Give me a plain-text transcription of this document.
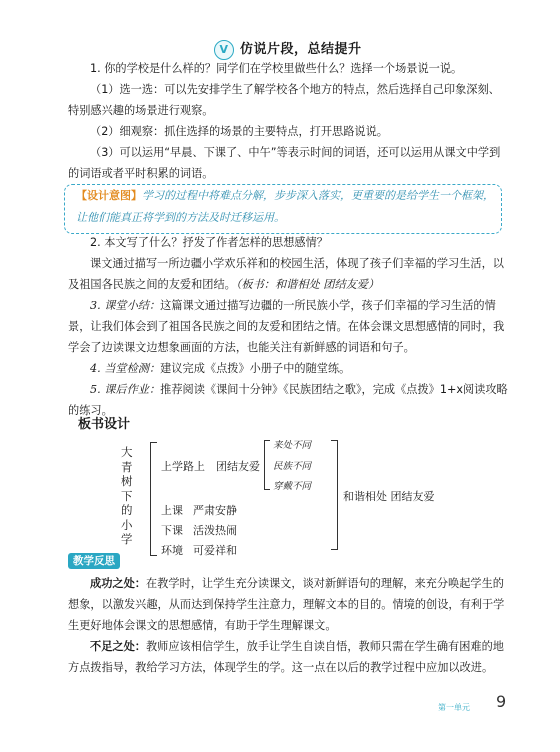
V 仿说片段，总结提升
1. 你的学校是什么样的？同学们在学校里做些什么？选择一个场景说一说。
（1）选一选：可以先安排学生了解学校各个地方的特点，然后选择自己印象深刻、特别感兴趣的场景进行观察。
（2）细观察：抓住选择的场景的主要特点，打开思路说说。
（3）可以运用“早晨、下课了、中午”等表示时间的词语，还可以运用从课文中学到的词语或者平时积累的词语。
【设计意图】学习的过程中将难点分解，步步深入落实，更重要的是给学生一个框架，让他们能真正将学到的方法及时迁移运用。
2. 本文写了什么？抒发了作者怎样的思想感情？
课文通过描写一所边疆小学欢乐祥和的校园生活，体现了孩子们幸福的学习生活，以及祖国各民族之间的友爱和团结。（板书：和谐相处 团结友爱）
3. 课堂小结：这篇课文通过描写边疆的一所民族小学，孩子们幸福的学习生活的情景，让我们体会到了祖国各民族之间的友爱和团结之情。在体会课文思想感情的同时，我学会了边读课文边想象画面的方法，也能关注有新鲜感的词语和句子。
4. 当堂检测：建议完成《点拨》小册子中的随堂练。
5. 课后作业：推荐阅读《课间十分钟》《民族团结之歌》，完成《点拨》1+x阅读攻略的练习。
板书设计
大
青
树
下
的
小
学
上学路上 团结友爱
来处不同
民族不同
穿戴不同
上课 严肃安静
下课 活泼热闹
环境 可爱祥和
和谐相处 团结友爱
教学反思
成功之处：在教学时，让学生充分读课文，谈对新鲜语句的理解，来充分唤起学生的想象，以激发兴趣，从而达到保持学生注意力，理解文本的目的。情境的创设，有利于学生更好地体会课文的思想感情，有助于学生理解课文。
不足之处：教师应该相信学生，放手让学生自读自悟，教师只需在学生确有困难的地方点拨指导，教给学习方法，体现学生的学。这一点在以后的教学过程中应加以改进。
第一单元 9
